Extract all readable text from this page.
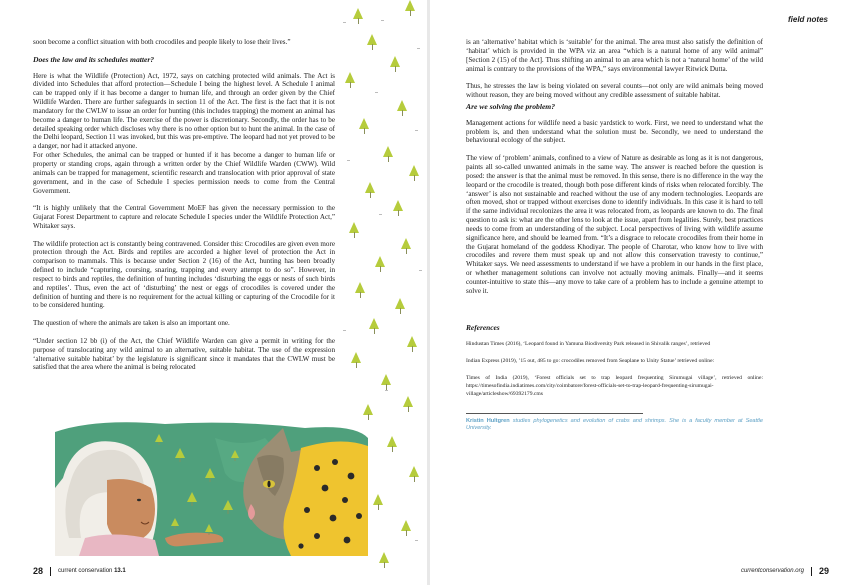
soon become a conflict situation with both crocodiles and people likely to lose their lives.”

Does the law and its schedules matter?

Here is what the Wildlife (Protection) Act, 1972, says on catching protected wild animals. The Act is divided into Schedules that afford protection—Schedule I being the highest level. A Schedule I animal can be trapped only if it has become a danger to human life, and through an order given by the Chief Wildlife Warden. There are further safeguards in section 11 of the Act. The first is the fact that it is not mandatory for the CWLW to issue an order for hunting (this includes trapping) the moment an animal has become a danger to human life. The exercise of the power is discretionary. Secondly, the order has to be detailed speaking order which discloses why there is no other option but to hunt the animal. In the case of the Delhi leopard, Section 11 was invoked, but this was pre-emptive. The leopard had not yet proved to be a danger, nor had it attacked anyone.

For other Schedules, the animal can be trapped or hunted if it has become a danger to human life or property or standing crops, again through a written order by the Chief Wildlife Warden (CWW). Wild animals can be trapped for management, scientific research and translocation with prior approval of state government, and in the case of Schedule I species permission needs to come from the Central Government.

“It is highly unlikely that the Central Government MoEF has given the necessary permission to the Gujarat Forest Department to capture and relocate Schedule I species under the Wildlife Protection Act,” Whitaker says.

The wildlife protection act is constantly being contravened. Consider this: Crocodiles are given even more protection through the Act. Birds and reptiles are accorded a higher level of protection the Act in comparison to mammals. This is because under Section 2 (16) of the Act, hunting has been broadly defined to include “capturing, coursing, snaring, trapping and every attempt to do so”. However, in respect to birds and reptiles, the definition of hunting includes ‘disturbing the eggs or nests of such birds and reptiles’. Thus, even the act of ‘disturbing’ the nest or eggs of crocodiles is covered under the definition of hunting and there is no requirement for the actual killing or capturing of the Crocodile for it to be considered hunting.

The question of where the animals are taken is also an important one.

“Under section 12 bb (i) of the Act, the Chief Wildlife Warden can give a permit in writing for the purpose of translocating any wild animal to an alternative, suitable habitat. The use of the expression ‘alternative suitable habitat’ by the legislature is significant since it mandates that the CWLW must be satisfied that the area where the animal is being relocated

28	current conservation
13.1
field notes

is an ‘alternative’ habitat which is ‘suitable’ for the animal. The area must also satisfy the definition of ‘habitat’ which is provided in the WPA viz an area “which is a natural home of any wild animal” [Section 2 (15) of the Act]. Thus shifting an animal to an area which is not a ‘natural home’ of the wild animal is contrary to the provisions of the WPA,” says environmental lawyer Ritwick Dutta.

Thus, he stresses the law is being violated on several counts—not only are wild animals being moved without reason, they are being moved without any credible assessment of suitable habitat.

Are we solving the problem?

Management actions for wildlife need a basic yardstick to work. First, we need to understand what the problem is, and then understand what the solution must be. Secondly, we need to understand the behavioural ecology of the subject.

The view of ‘problem’ animals, confined to a view of Nature as desirable as long as it is not dangerous, paints all so-called unwanted animals in the same way. The answer is reached before the question is posed: the answer is that the animal must be removed. In this sense, there is no difference in the way the leopard or the crocodile is treated, though both pose different kinds of risks when relocated forcibly. The ‘answer’ is also not sustainable and reached without the use of any modern technologies. Leopards are often moved, shot or trapped without exercises done to identify individuals. In this case it is hard to tell if the same individual recolonizes the area it was relocated from, as leopards are known to do. The final question to ask is: what are the other lens to look at the issue, apart from legalities. Surely, best practices needs to come from an understanding of the subject. Local perspectives of living with wildlife assume significance here, and should be learned from. “It’s a disgrace to relocate crocodiles from their home in the Gujarat homeland of the goddess Khodiyar. The people of Charotar, who know how to live with crocodiles and revere them must speak up and not allow this conservation travesty to continue,” Whitaker says. We need assessments to understand if we have a problem in our hands in the first place, or whether management solutions can involve not actually moving animals. Finally—and it seems counter-intuitive to state this—any move to take care of a problem has to include a genuine attempt to solve it.

References
Hindustan Times (2016), ‘Leopard found in Yamuna Biodiversity Park released in Shivalik ranges’, retrieved
Indian Express (2019), ’15 out, 485 to go: crocodiles removed from Seaplane to Unity Statue’ retrieved online:
Times of India (2019), ‘Forest officials set to trap leopard frequenting Sirumugai village’, retrieved online: https://timesofindia.indiatimes.com/city/coimbatore/forest-officials-set-to-trap-leopard-frequenting-sirumugai-village/articleshow/69392179.cms
Kristin Hultgren studies phylogenetics and evolution of crabs and shrimps. She is a faculty member at Seattle University.
currentconservation.org 29
